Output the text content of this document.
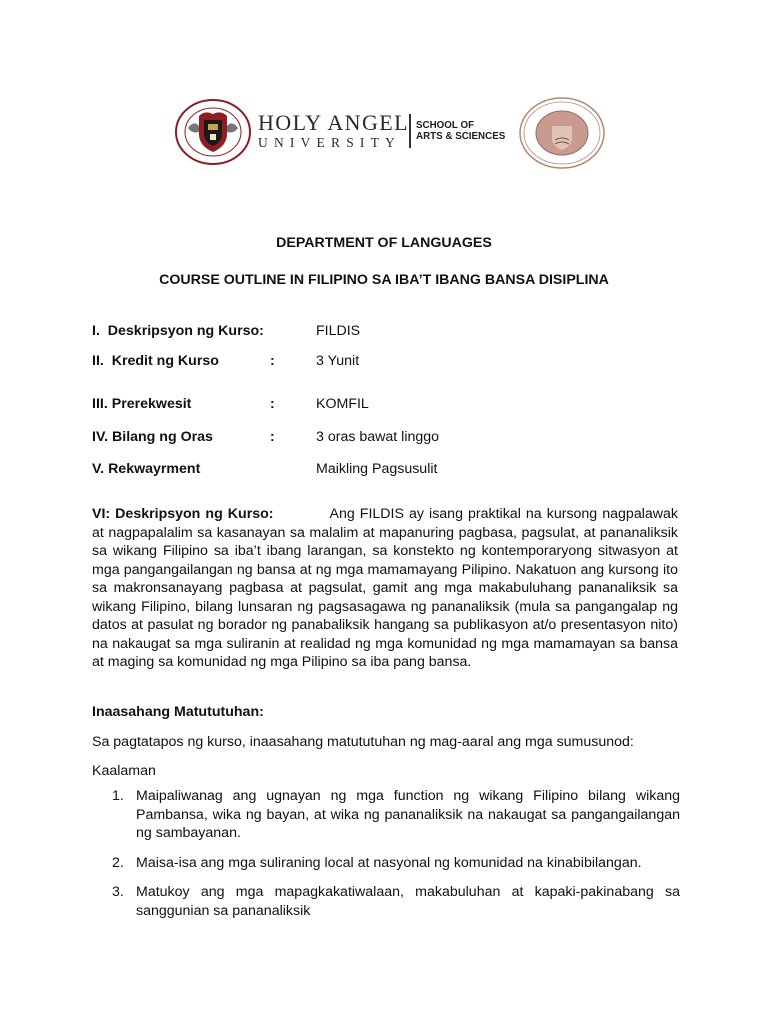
HOLY ANGEL
UNIVERSITY
SCHOOL OF
ARTS & SCIENCES
DEPARTMENT OF LANGUAGES
COURSE OUTLINE IN FILIPINO SA IBA’T IBANG BANSA DISIPLINA
I. Deskripsyon ng Kurso:	FILDIS
II. Kredit ng Kurso	:	3 Yunit
III. Prerekwesit	:	KOMFIL
IV. Bilang ng Oras	:	3 oras bawat linggo
V. Rekwayrment	Maikling Pagsusulit
VI: Deskripsyon ng Kurso:	Ang FILDIS ay isang praktikal na kursong nagpalawak at nagpapalalim sa kasanayan sa malalim at mapanuring pagbasa, pagsulat, at pananaliksik sa wikang Filipino sa iba’t ibang larangan, sa konstekto ng kontemporaryong sitwasyon at mga pangangailangan ng bansa at ng mga mamamayang Pilipino. Nakatuon ang kursong ito sa makronsanayang pagbasa at pagsulat, gamit ang mga makabuluhang pananaliksik sa wikang Filipino, bilang lunsaran ng pagsasagawa ng pananaliksik (mula sa pangangalap ng datos at pasulat ng borador ng panabaliksik hangang sa publikasyon at/o presentasyon nito) na nakaugat sa mga suliranin at realidad ng mga komunidad ng mga mamamayan sa bansa at maging sa komunidad ng mga Pilipino sa iba pang bansa.
Inaasahang Matututuhan:
Sa pagtatapos ng kurso, inaasahang matututuhan ng mag-aaral ang mga sumusunod:
Kaalaman
1. Maipaliwanag ang ugnayan ng mga function ng wikang Filipino bilang wikang Pambansa, wika ng bayan, at wika ng pananaliksik na nakaugat sa pangangailangan ng sambayanan.
2. Maisa-isa ang mga suliraning local at nasyonal ng komunidad na kinabibilangan.
3. Matukoy ang mga mapagkakatiwalaan, makabuluhan at kapaki-pakinabang sa sanggunian sa pananaliksik
